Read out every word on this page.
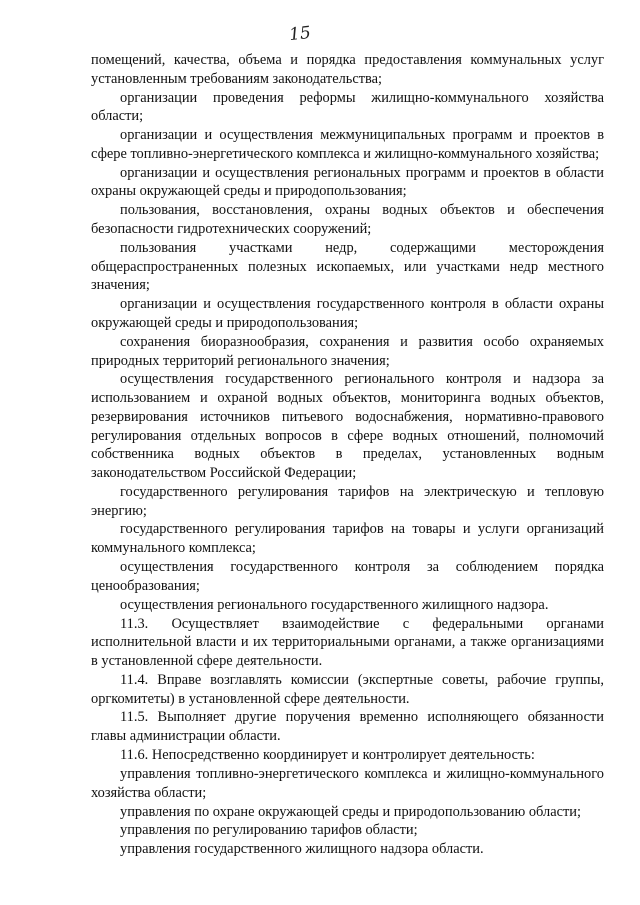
15

помещений, качества, объема и порядка предоставления коммунальных услуг установленным требованиям законодательства;

организации проведения реформы жилищно-коммунального хозяйства области;

организации и осуществления межмуниципальных программ и проектов в сфере топливно-энергетического комплекса и жилищно-коммунального хозяйства;

организации и осуществления региональных программ и проектов в области охраны окружающей среды и природопользования;

пользования, восстановления, охраны водных объектов и обеспечения безопасности гидротехнических сооружений;

пользования участками недр, содержащими месторождения общераспространенных полезных ископаемых, или участками недр местного значения;

организации и осуществления государственного контроля в области охраны окружающей среды и природопользования;

сохранения биоразнообразия, сохранения и развития особо охраняемых природных территорий регионального значения;

осуществления государственного регионального контроля и надзора за использованием и охраной водных объектов, мониторинга водных объектов, резервирования источников питьевого водоснабжения, нормативно-правового регулирования отдельных вопросов в сфере водных отношений, полномочий собственника водных объектов в пределах, установленных водным законодательством Российской Федерации;

государственного регулирования тарифов на электрическую и тепловую энергию;

государственного регулирования тарифов на товары и услуги организаций коммунального комплекса;

осуществления государственного контроля за соблюдением порядка ценообразования;

осуществления регионального государственного жилищного надзора.

11.3. Осуществляет взаимодействие с федеральными органами исполнительной власти и их территориальными органами, а также организациями в установленной сфере деятельности.

11.4. Вправе возглавлять комиссии (экспертные советы, рабочие группы, оргкомитеты) в установленной сфере деятельности.

11.5. Выполняет другие поручения временно исполняющего обязанности главы администрации области.

11.6. Непосредственно координирует и контролирует деятельность:

управления топливно-энергетического комплекса и жилищно-коммунального хозяйства области;

управления по охране окружающей среды и природопользованию области;

управления по регулированию тарифов области;

управления государственного жилищного надзора области.
